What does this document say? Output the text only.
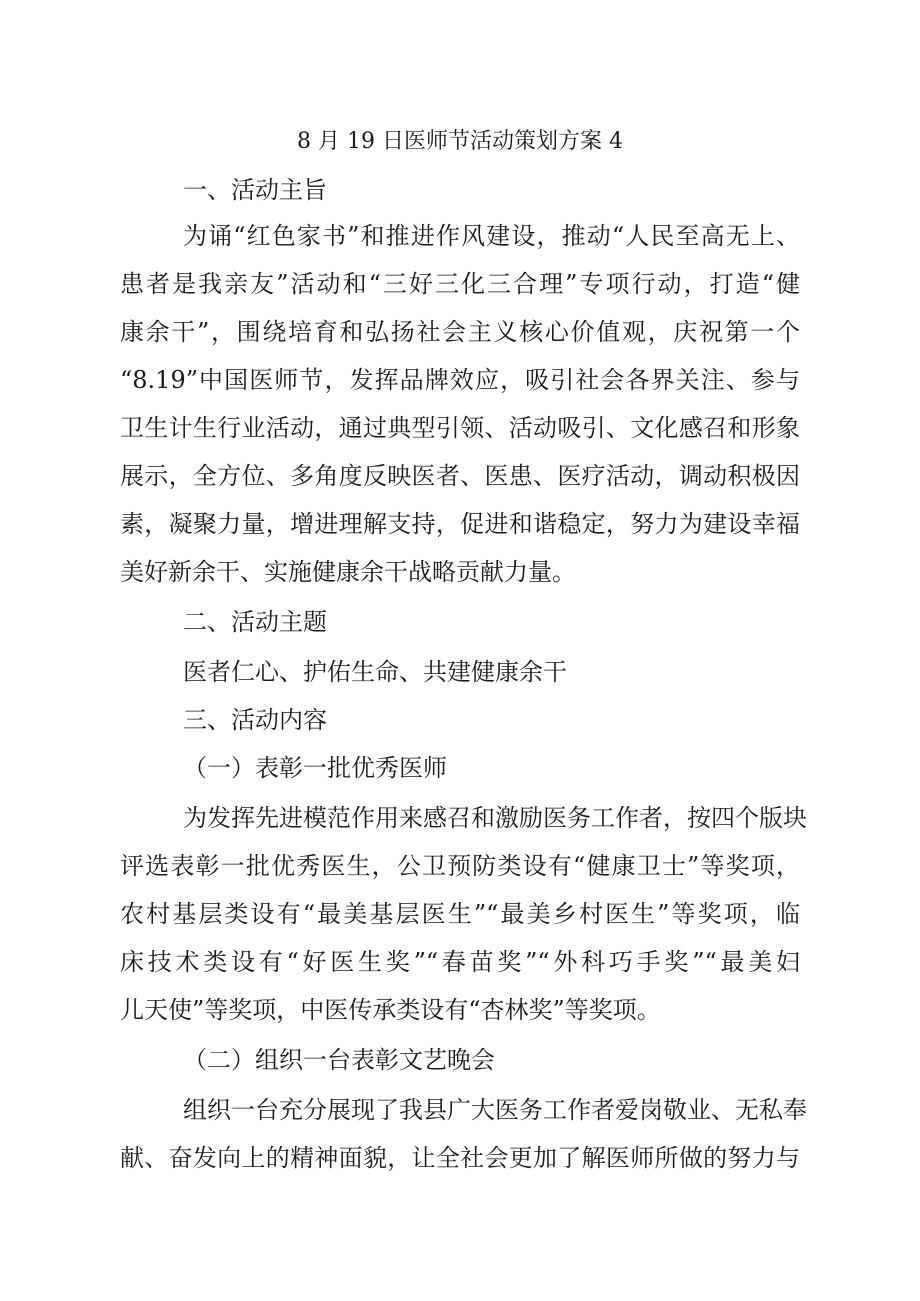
8 月 19 日医师节活动策划方案 4

一、活动主旨

为诵“红色家书”和推进作风建设，推动“人民至高无上、

患者是我亲友”活动和“三好三化三合理”专项行动，打造“健

康余干”，围绕培育和弘扬社会主义核心价值观，庆祝第一个

“8.19”中国医师节，发挥品牌效应，吸引社会各界关注、参与

卫生计生行业活动，通过典型引领、活动吸引、文化感召和形象

展示，全方位、多角度反映医者、医患、医疗活动，调动积极因

素，凝聚力量，增进理解支持，促进和谐稳定，努力为建设幸福

美好新余干、实施健康余干战略贡献力量。

二、活动主题

医者仁心、护佑生命、共建健康余干

三、活动内容

（一）表彰一批优秀医师

为发挥先进模范作用来感召和激励医务工作者，按四个版块

评选表彰一批优秀医生，公卫预防类设有“健康卫士”等奖项，

农村基层类设有“最美基层医生”“最美乡村医生”等奖项，临

床技术类设有“好医生奖”“春苗奖”“外科巧手奖”“最美妇

儿天使”等奖项，中医传承类设有“杏林奖”等奖项。

（二）组织一台表彰文艺晚会

组织一台充分展现了我县广大医务工作者爱岗敬业、无私奉

献、奋发向上的精神面貌，让全社会更加了解医师所做的努力与
